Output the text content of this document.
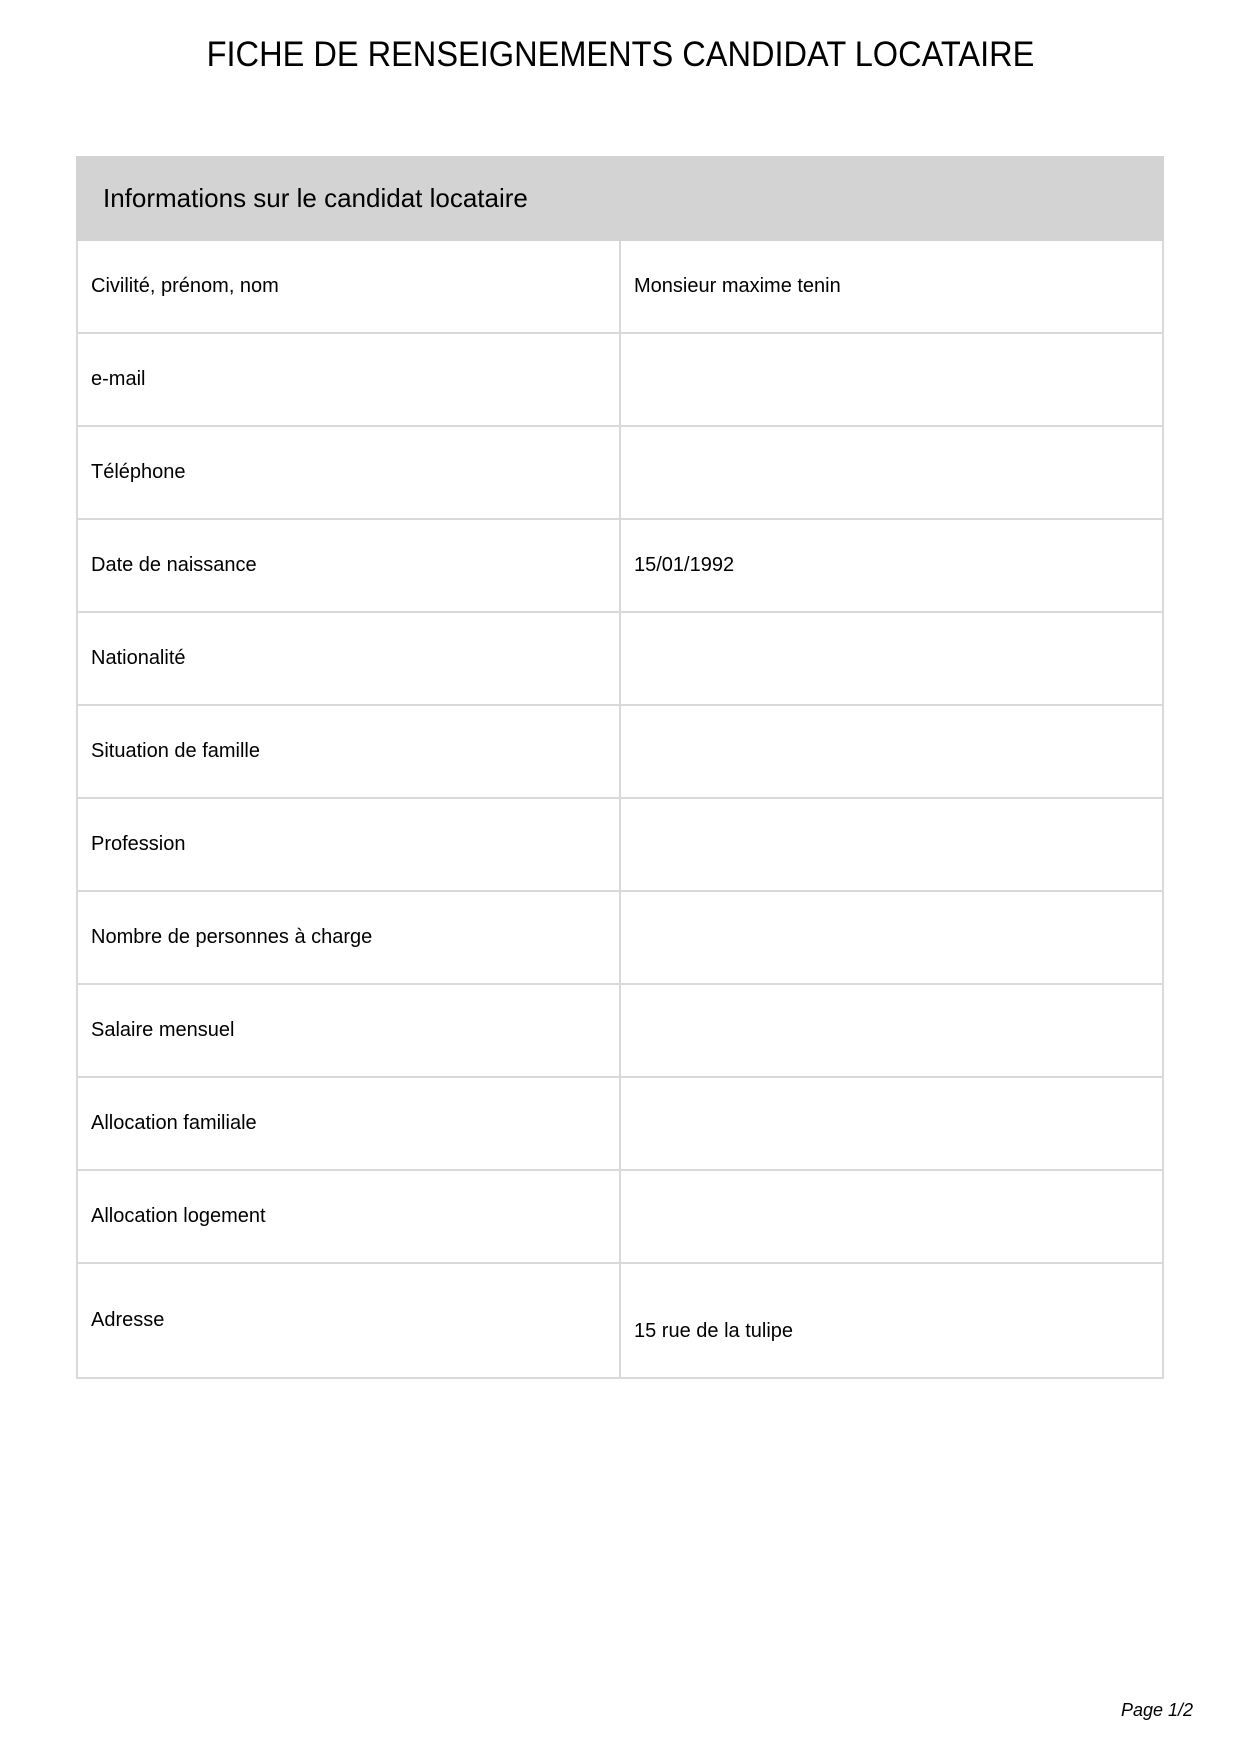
FICHE DE RENSEIGNEMENTS CANDIDAT LOCATAIRE
Informations sur le candidat locataire	
Civilité, prénom, nom	Monsieur maxime tenin
e-mail	
Téléphone	
Date de naissance	15/01/1992
Nationalité	
Situation de famille	
Profession	
Nombre de personnes à charge	
Salaire mensuel	
Allocation familiale	
Allocation logement	
Adresse	15 rue de la tulipe
Page 1/2
